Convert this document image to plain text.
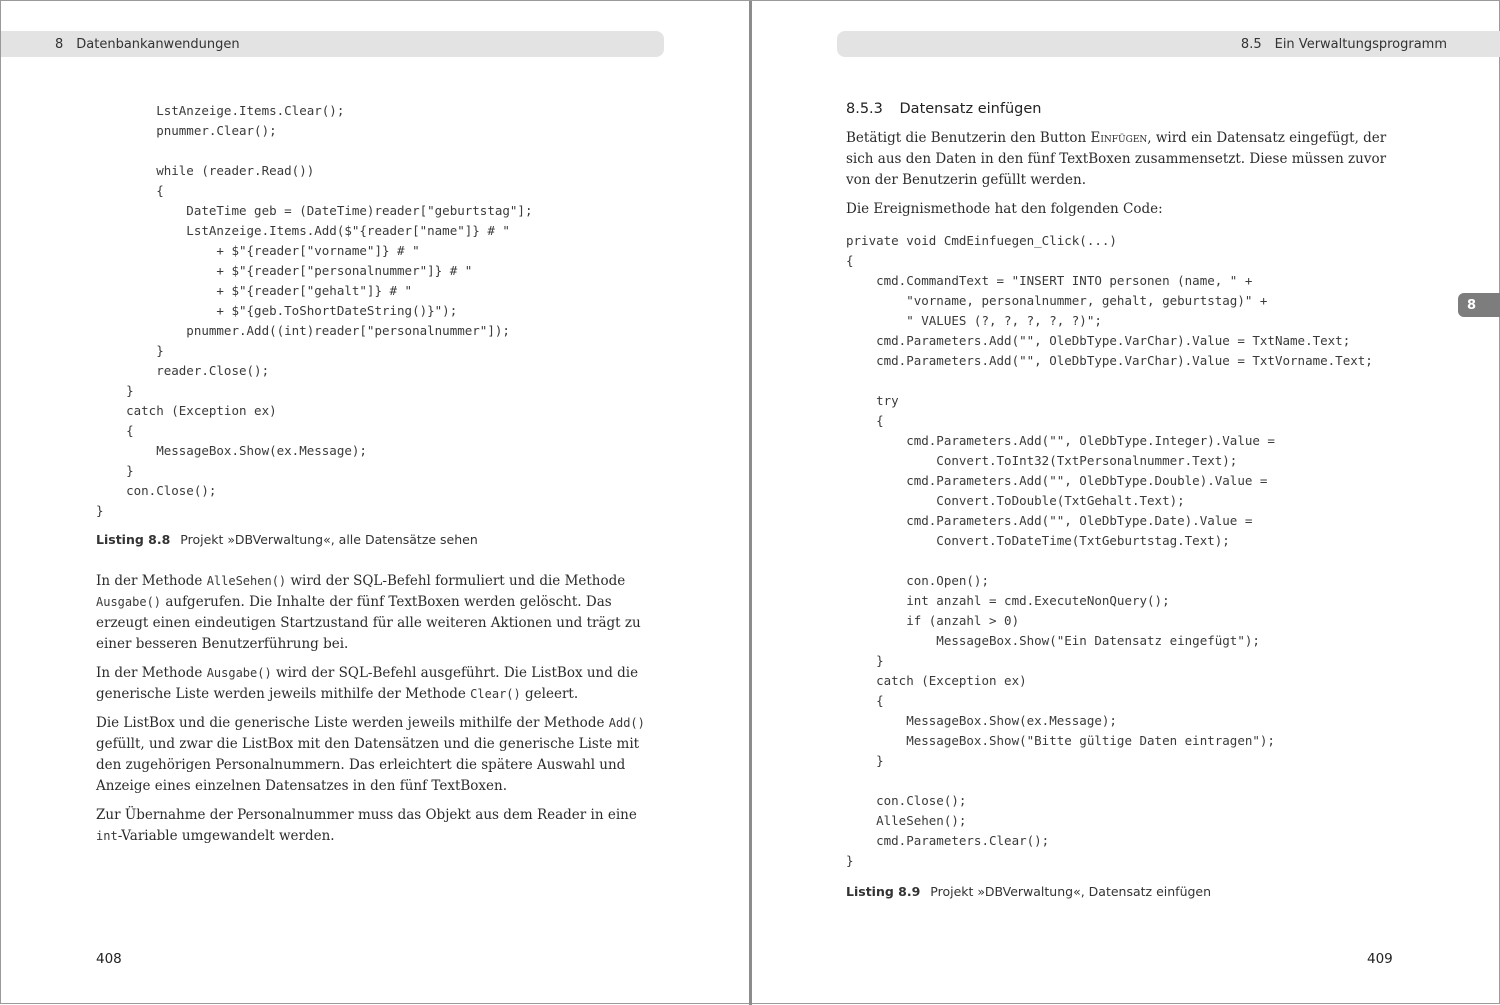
8 Datenbankanwendungen
LstAnzeige.Items.Clear();
pnummer.Clear();

while (reader.Read())
{
DateTime geb = (DateTime)reader["geburtstag"];
LstAnzeige.Items.Add($"{reader["name"]} # "
+ $"{reader["vorname"]} # "
+ $"{reader["personalnummer"]} # "
+ $"{reader["gehalt"]} # "
+ $"{geb.ToShortDateString()}");
pnummer.Add((int)reader["personalnummer"]);
}
reader.Close();
}
catch (Exception ex)
{
MessageBox.Show(ex.Message);
}
con.Close();
}
Listing 8.8 Projekt »DBVerwaltung«, alle Datensätze sehen

In der Methode AlleSehen() wird der SQL-Befehl formuliert und die Methode Ausgabe() aufgerufen. Die Inhalte der fünf TextBoxen werden gelöscht. Das erzeugt einen eindeutigen Startzustand für alle weiteren Aktionen und trägt zu einer besseren Benutzerführung bei.

In der Methode Ausgabe() wird der SQL-Befehl ausgeführt. Die ListBox und die generische Liste werden jeweils mithilfe der Methode Clear() geleert.

Die ListBox und die generische Liste werden jeweils mithilfe der Methode Add() gefüllt, und zwar die ListBox mit den Datensätzen und die generische Liste mit den zugehörigen Personalnummern. Das erleichtert die spätere Auswahl und Anzeige eines einzelnen Datensatzes in den fünf TextBoxen.

Zur Übernahme der Personalnummer muss das Objekt aus dem Reader in eine int-Variable umgewandelt werden.

408
8.5 Ein Verwaltungsprogramm
8.5.3 Datensatz einfügen

Betätigt die Benutzerin den Button Einfügen, wird ein Datensatz eingefügt, der sich aus den Daten in den fünf TextBoxen zusammensetzt. Diese müssen zuvor von der Benutzerin gefüllt werden.

Die Ereignismethode hat den folgenden Code:

private void CmdEinfuegen_Click(...)
{
cmd.CommandText = "INSERT INTO personen (name, " +
"vorname, personalnummer, gehalt, geburtstag)" +
" VALUES (?, ?, ?, ?, ?)";
cmd.Parameters.Add("", OleDbType.VarChar).Value = TxtName.Text;
cmd.Parameters.Add("", OleDbType.VarChar).Value = TxtVorname.Text;

try
{
cmd.Parameters.Add("", OleDbType.Integer).Value =
Convert.ToInt32(TxtPersonalnummer.Text);
cmd.Parameters.Add("", OleDbType.Double).Value =
Convert.ToDouble(TxtGehalt.Text);
cmd.Parameters.Add("", OleDbType.Date).Value =
Convert.ToDateTime(TxtGeburtstag.Text);

con.Open();
int anzahl = cmd.ExecuteNonQuery();
if (anzahl > 0)
MessageBox.Show("Ein Datensatz eingefügt");
}
catch (Exception ex)
{
MessageBox.Show(ex.Message);
MessageBox.Show("Bitte gültige Daten eintragen");
}

con.Close();
AlleSehen();
cmd.Parameters.Clear();
}
Listing 8.9 Projekt »DBVerwaltung«, Datensatz einfügen
8
409
